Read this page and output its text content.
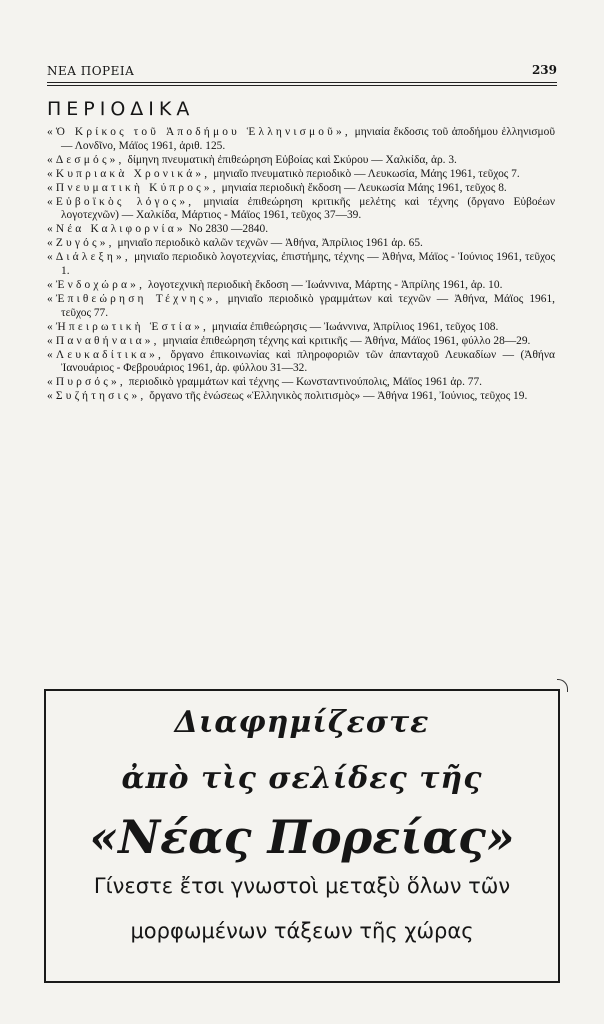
ΝΕΑ ΠΟΡΕΙΑ	239
ΠΕΡΙΟΔΙΚΑ

«Ὁ Κρίκος τοῦ Ἀποδήμου Ἑλληνισμοῦ», μηνιαία ἔκδοσις τοῦ ἀποδήμου ἑλληνισμοῦ — Λονδῖνο, Μάϊος 1961, ἀριθ. 125.

«Δεσμός», δίμηνη πνευματικὴ ἐπιθεώρηση Εὐβοίας καὶ Σκύρου — Χαλκίδα, ἀρ. 3.

«Κυπριακὰ Χρονικά», μηνιαῖο πνευματικὸ περιοδικὸ — Λευκωσία, Μάης 1961, τεῦχος 7.

«Πνευματικὴ Κύπρος», μηνιαία περιοδικὴ ἔκδοση — Λευκωσία Μάης 1961, τεῦχος 8.

«Εὐβοϊκὸς λόγος», μηνιαία ἐπιθεώρηση κριτικῆς μελέτης καὶ τέχνης (ὄργανο Εὐβοέων λογοτεχνῶν) — Χαλκίδα, Μάρτιος - Μάϊος 1961, τεῦχος 37—39.

«Νέα Καλιφορνία» Νο 2830 —2840.

«Ζυγός», μηνιαῖο περιοδικὸ καλῶν τεχνῶν — Ἀθήνα, Ἀπρίλιος 1961 ἀρ. 65.

«Διάλεξη», μηνιαῖο περιοδικὸ λογοτεχνίας, ἐπιστήμης, τέχνης — Ἀθήνα, Μάϊος - Ἰούνιος 1961, τεῦχος 1.

«Ἐνδοχώρα», λογοτεχνικὴ περιοδικὴ ἔκδοση — Ἰωάννινα, Μάρτης - Ἀπρίλης 1961, ἀρ. 10.

«Ἐπιθεώρηση Τέχνης», μηνιαῖο περιοδικὸ γραμμάτων καὶ τεχνῶν — Ἀθήνα, Μάϊος 1961, τεῦχος 77.

«Ἠπειρωτικὴ Ἑστία», μηνιαία ἐπιθεώρησις — Ἰωάννινα, Ἀπρίλιος 1961, τεῦχος 108.

«Παναθήναια», μηνιαία ἐπιθεώρηση τέχνης καὶ κριτικῆς — Ἀθήνα, Μάϊος 1961, φύλλο 28—29.

«Λευκαδίτικα», ὄργανο ἐπικοινωνίας καὶ πληροφοριῶν τῶν ἁπανταχοῦ Λευκαδίων — (Ἀθήνα Ἰανουάριος - Φεβρουάριος 1961, ἀρ. φύλλου 31—32.

«Πυρσός», περιοδικὸ γραμμάτων καὶ τέχνης — Κωνσταντινούπολις, Μάϊος 1961 ἀρ. 77.

«Συζήτησις», ὄργανο τῆς ἑνώσεως «Ἑλληνικὸς πολιτισμὸς» — Ἀθήνα 1961, Ἰούνιος, τεῦχος 19.

Διαφημίζεστε
ἀπὸ τὶς σελίδες τῆς
«Νέας Πορείας»
Γίνεστε ἔτσι γνωστοὶ μεταξὺ ὅλων τῶν
μορφωμένων τάξεων τῆς χώρας
